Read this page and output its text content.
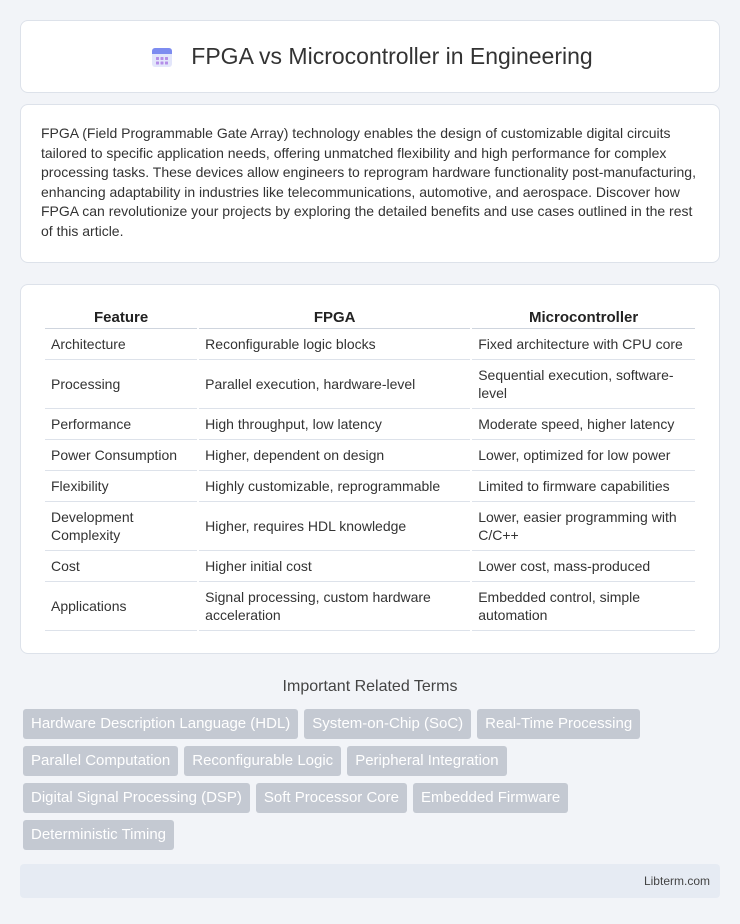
FPGA vs Microcontroller in Engineering

FPGA (Field Programmable Gate Array) technology enables the design of customizable digital circuits tailored to specific application needs, offering unmatched flexibility and high performance for complex processing tasks. These devices allow engineers to reprogram hardware functionality post-manufacturing, enhancing adaptability in industries like telecommunications, automotive, and aerospace. Discover how FPGA can revolutionize your projects by exploring the detailed benefits and use cases outlined in the rest of this article.

Feature	FPGA	Microcontroller
Architecture	Reconfigurable logic blocks	Fixed architecture with CPU core
Processing	Parallel execution, hardware-level	Sequential execution, software-level
Performance	High throughput, low latency	Moderate speed, higher latency
Power Consumption	Higher, dependent on design	Lower, optimized for low power
Flexibility	Highly customizable, reprogrammable	Limited to firmware capabilities
Development Complexity	Higher, requires HDL knowledge	Lower, easier programming with C/C++
Cost	Higher initial cost	Lower cost, mass-produced
Applications	Signal processing, custom hardware acceleration	Embedded control, simple automation
Important Related Terms
Hardware Description Language (HDL)	System-on-Chip (SoC)	Real-Time Processing
Parallel Computation	Reconfigurable Logic	Peripheral Integration
Digital Signal Processing (DSP)	Soft Processor Core	Embedded Firmware
Deterministic Timing
Libterm.com
